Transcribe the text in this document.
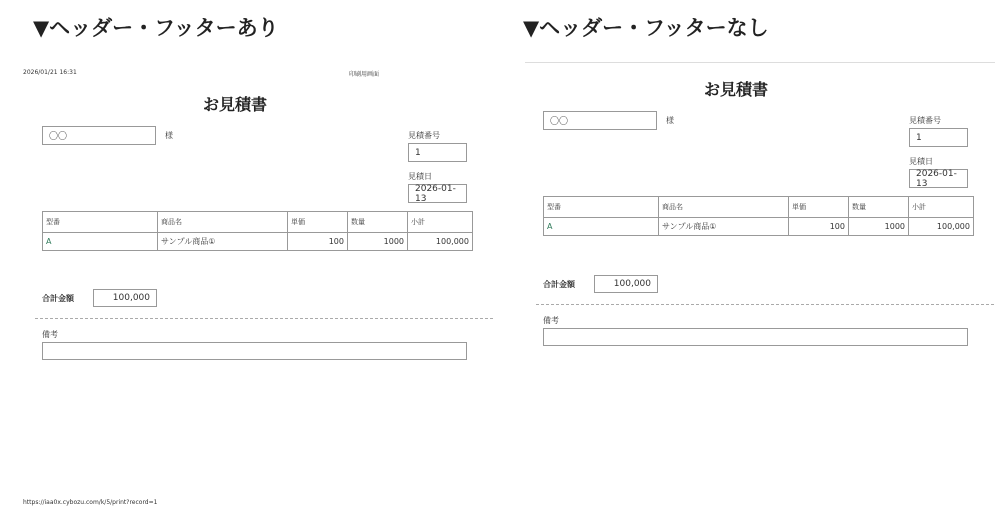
▼ヘッダー・フッターあり	▼ヘッダー・フッターなし
2026/01/21 16:31	印刷用画面
お見積書
〇〇	様	見積番号
1
見積日
2026-01-13
型番	商品名	単価	数量	小計
A	サンプル商品①	100	1000	100,000
合計金額	100,000
備考
https://iaa0x.cybozu.com/k/5/print?record=1
お見積書
〇〇	様	見積番号
1
見積日
2026-01-13
型番	商品名	単価	数量	小計
A	サンプル商品①	100	1000	100,000
合計金額	100,000
備考
